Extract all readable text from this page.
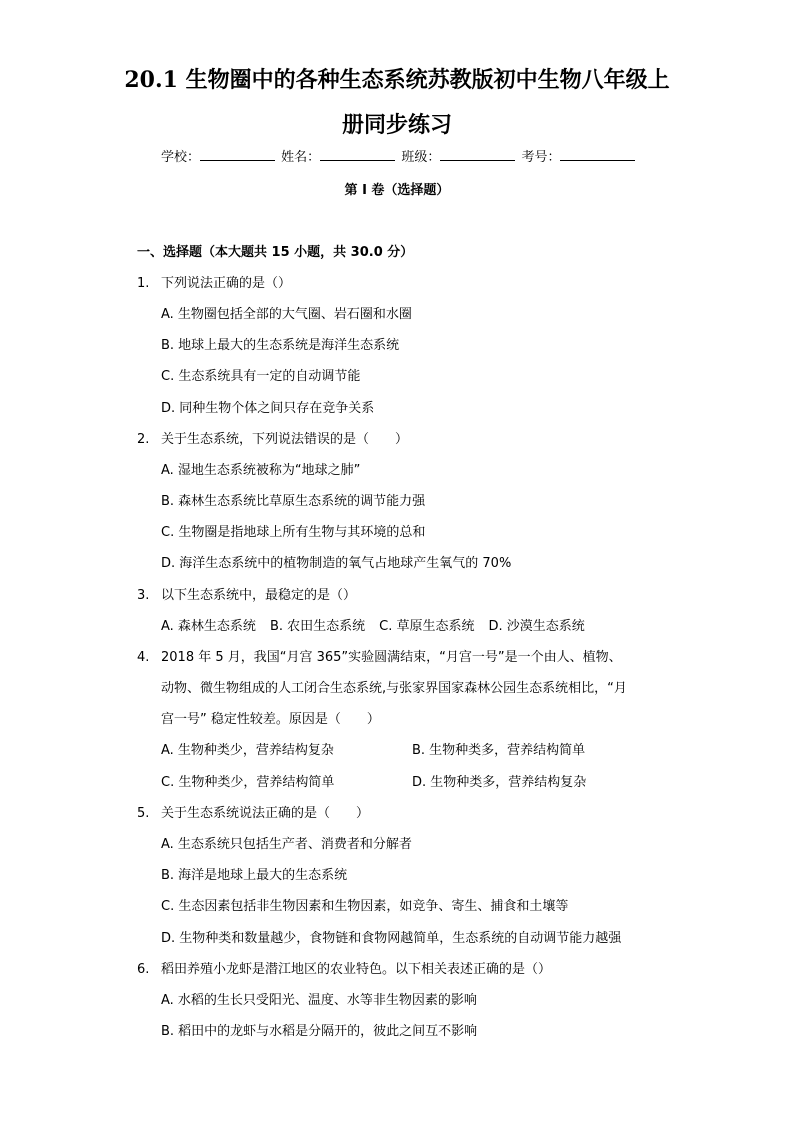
20.1 生物圈中的各种生态系统苏教版初中生物八年级上
册同步练习
学校：	姓名：	班级：	考号：
第 I 卷（选择题）
一、选择题（本大题共 15 小题，共 30.0 分）
1. 下列说法正确的是（）
A. 生物圈包括全部的大气圈、岩石圈和水圈
B. 地球上最大的生态系统是海洋生态系统
C. 生态系统具有一定的自动调节能
D. 同种生物个体之间只存在竞争关系
2. 关于生态系统，下列说法错误的是（　　）
A. 湿地生态系统被称为“地球之肺”
B. 森林生态系统比草原生态系统的调节能力强
C. 生物圈是指地球上所有生物与其环境的总和
D. 海洋生态系统中的植物制造的氧气占地球产生氧气的 70%
3. 以下生态系统中，最稳定的是（）
A. 森林生态系统 B. 农田生态系统 C. 草原生态系统 D. 沙漠生态系统
4. 2018 年 5 月，我国“月宫 365”实验圆满结束，“月宫一号”是一个由人、植物、
动物、微生物组成的人工闭合生态系统,与张家界国家森林公园生态系统相比，“月
宫一号” 稳定性较差。原因是（　　）
A. 生物种类少，营养结构复杂	B. 生物种类多，营养结构简单
C. 生物种类少，营养结构简单	D. 生物种类多，营养结构复杂
5. 关于生态系统说法正确的是（　　）
A. 生态系统只包括生产者、消费者和分解者
B. 海洋是地球上最大的生态系统
C. 生态因素包括非生物因素和生物因素，如竞争、寄生、捕食和土壤等
D. 生物种类和数量越少，食物链和食物网越简单，生态系统的自动调节能力越强
6. 稻田养殖小龙虾是潜江地区的农业特色。以下相关表述正确的是（）
A. 水稻的生长只受阳光、温度、水等非生物因素的影响
B. 稻田中的龙虾与水稻是分隔开的，彼此之间互不影响
